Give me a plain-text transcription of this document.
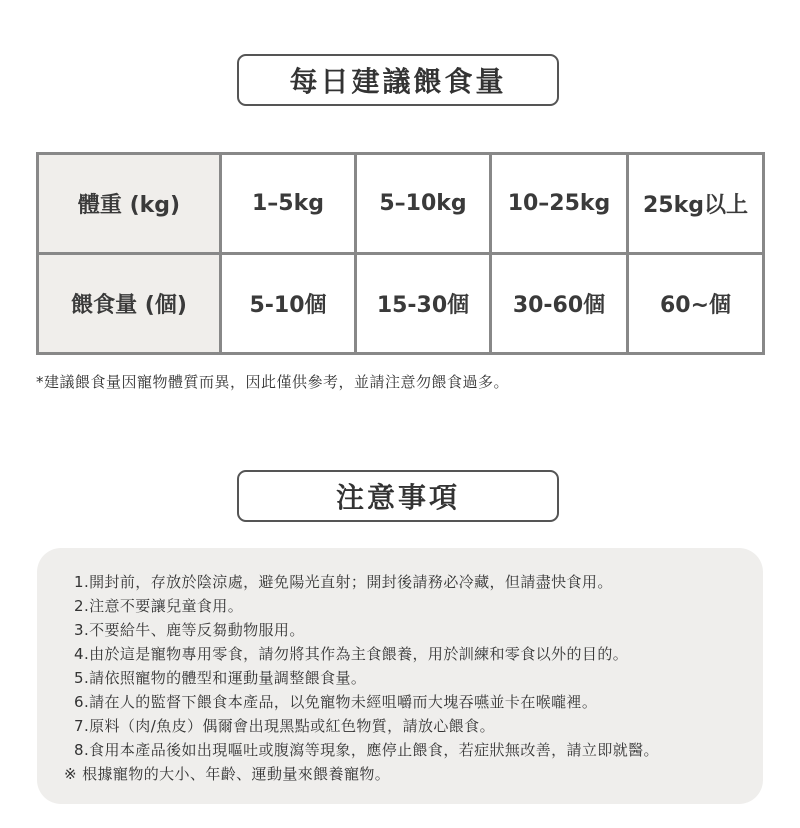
每日建議餵食量
體重 (kg)	1–5kg	5–10kg	10–25kg	25kg以上
餵食量 (個)	5-10個	15-30個	30-60個	60~個
*建議餵食量因寵物體質而異，因此僅供參考，並請注意勿餵食過多。
注意事項
1.開封前，存放於陰涼處，避免陽光直射；開封後請務必冷藏，但請盡快食用。
2.注意不要讓兒童食用。
3.不要給牛、鹿等反芻動物服用。
4.由於這是寵物專用零食，請勿將其作為主食餵養，用於訓練和零食以外的目的。
5.請依照寵物的體型和運動量調整餵食量。
6.請在人的監督下餵食本產品，以免寵物未經咀嚼而大塊吞嚥並卡在喉嚨裡。
7.原料（肉/魚皮）偶爾會出現黑點或紅色物質，請放心餵食。
8.食用本產品後如出現嘔吐或腹瀉等現象，應停止餵食，若症狀無改善，請立即就醫。
※ 根據寵物的大小、年齡、運動量來餵養寵物。
